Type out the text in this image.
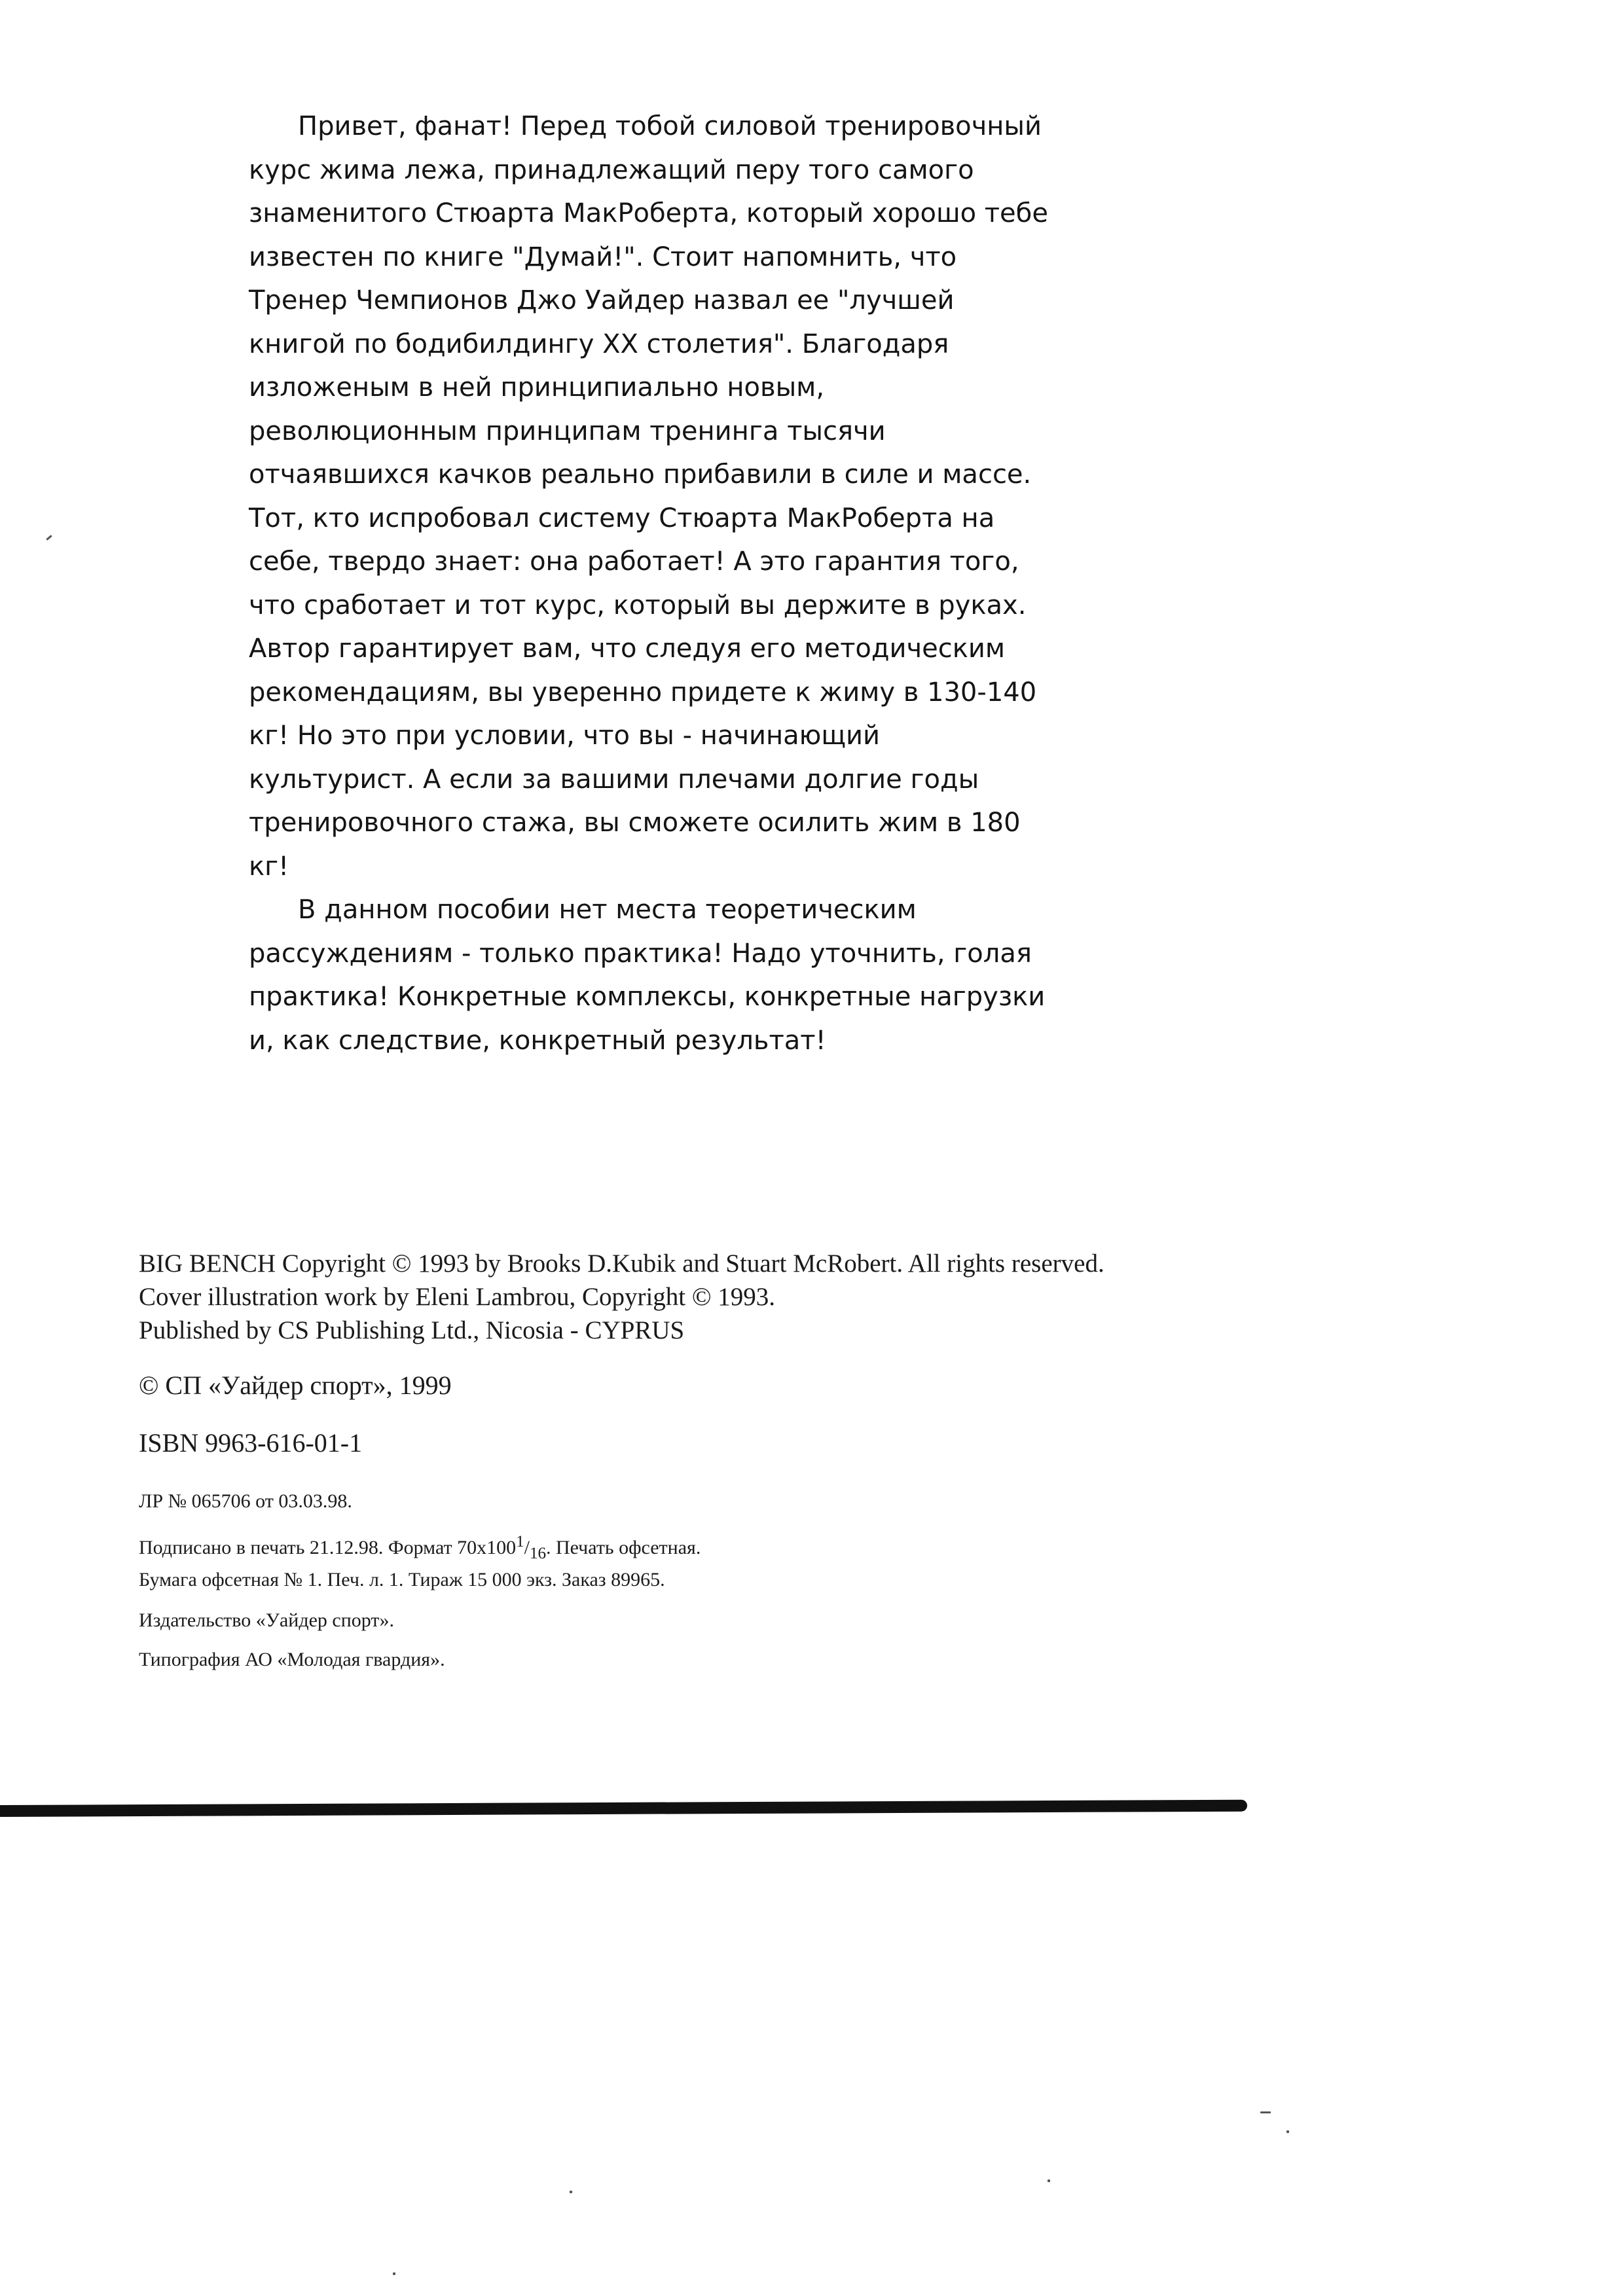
Привет, фанат! Перед тобой силовой тренировочный курс жима лежа, принадлежащий перу того самого знаменитого Стюарта МакРоберта, который хорошо тебе известен по книге "Думай!". Стоит напомнить, что Тренер Чемпионов Джо Уайдер назвал ее "лучшей книгой по бодибилдингу XX столетия". Благодаря изложеным в ней принципиально новым, революционным принципам тренинга тысячи отчаявшихся качков реально прибавили в силе и массе. Тот, кто испробовал систему Стюарта МакРоберта на себе, твердо знает: она работает! А это гарантия того, что сработает и тот курс, который вы держите в руках. Автор гарантирует вам, что следуя его методическим рекомендациям, вы уверенно придете к жиму в 130-140 кг! Но это при условии, что вы - начинающий культурист. А если за вашими плечами долгие годы тренировочного стажа, вы сможете осилить жим в 180 кг!

В данном пособии нет места теоретическим рассуждениям - только практика! Надо уточнить, голая практика! Конкретные комплексы, конкретные нагрузки и, как следствие, конкретный результат!

BIG BENCH Copyright © 1993 by Brooks D.Kubik and Stuart McRobert. All rights reserved.
Cover illustration work by Eleni Lambrou, Copyright © 1993.
Published by CS Publishing Ltd., Nicosia - CYPRUS
© СП «Уайдер спорт», 1999
ISBN 9963-616-01-1
ЛР № 065706 от 03.03.98.
Подписано в печать 21.12.98. Формат $70х100^1/_{16}$. Печать офсетная.
Бумага офсетная № 1. Печ. л. 1. Тираж 15 000 экз. Заказ 89965.
Издательство «Уайдер спорт».
Типография АО «Молодая гвардия».
